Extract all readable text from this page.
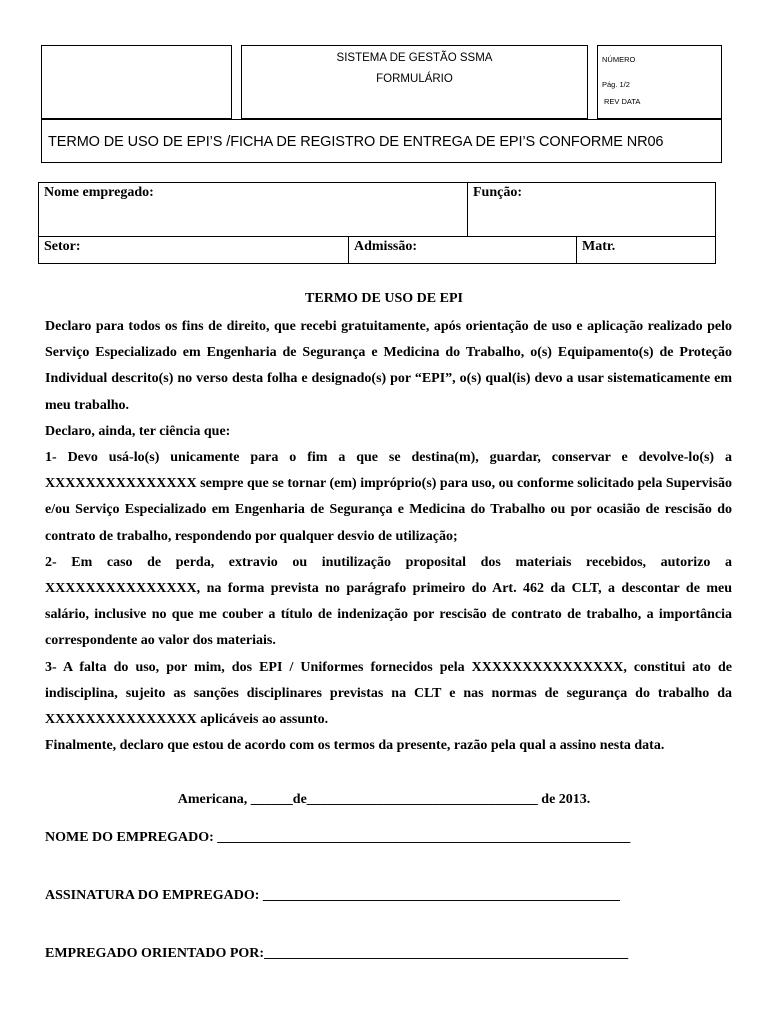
SISTEMA DE GESTÃO SSMA
FORMULÁRIO
NÚMERO
Pág. 1/2
REV DATA
TERMO DE USO DE EPI’S /FICHA DE REGISTRO DE ENTREGA DE EPI’S CONFORME NR06
Nome empregado:	Função:
Setor:	Admissão:	Matr.
TERMO DE USO DE EPI

Declaro para todos os fins de direito, que recebi gratuitamente, após orientação de uso e aplicação realizado pelo Serviço Especializado em Engenharia de Segurança e Medicina do Trabalho, o(s) Equipamento(s) de Proteção Individual descrito(s) no verso desta folha e designado(s) por “EPI”, o(s) qual(is) devo a usar sistematicamente em meu trabalho.

Declaro, ainda, ter ciência que:

1- Devo usá-lo(s) unicamente para o fim a que se destina(m), guardar, conservar e devolve-lo(s) a XXXXXXXXXXXXXXX sempre que se tornar (em) impróprio(s) para uso, ou conforme solicitado pela Supervisão e/ou Serviço Especializado em Engenharia de Segurança e Medicina do Trabalho ou por ocasião de rescisão do contrato de trabalho, respondendo por qualquer desvio de utilização;

2- Em caso de perda, extravio ou inutilização proposital dos materiais recebidos, autorizo a XXXXXXXXXXXXXXX, na forma prevista no parágrafo primeiro do Art. 462 da CLT, a descontar de meu salário, inclusive no que me couber a título de indenização por rescisão de contrato de trabalho, a importância correspondente ao valor dos materiais.

3- A falta do uso, por mim, dos EPI / Uniformes fornecidos pela XXXXXXXXXXXXXXX, constitui ato de indisciplina, sujeito as sanções disciplinares previstas na CLT e nas normas de segurança do trabalho da XXXXXXXXXXXXXXX aplicáveis ao assunto.

Finalmente, declaro que estou de acordo com os termos da presente, razão pela qual a assino nesta data.

Americana, ______de_________________________________ de 2013.
NOME DO EMPREGADO: ___________________________________________________________
ASSINATURA DO EMPREGADO: ___________________________________________________
EMPREGADO ORIENTADO POR:____________________________________________________
